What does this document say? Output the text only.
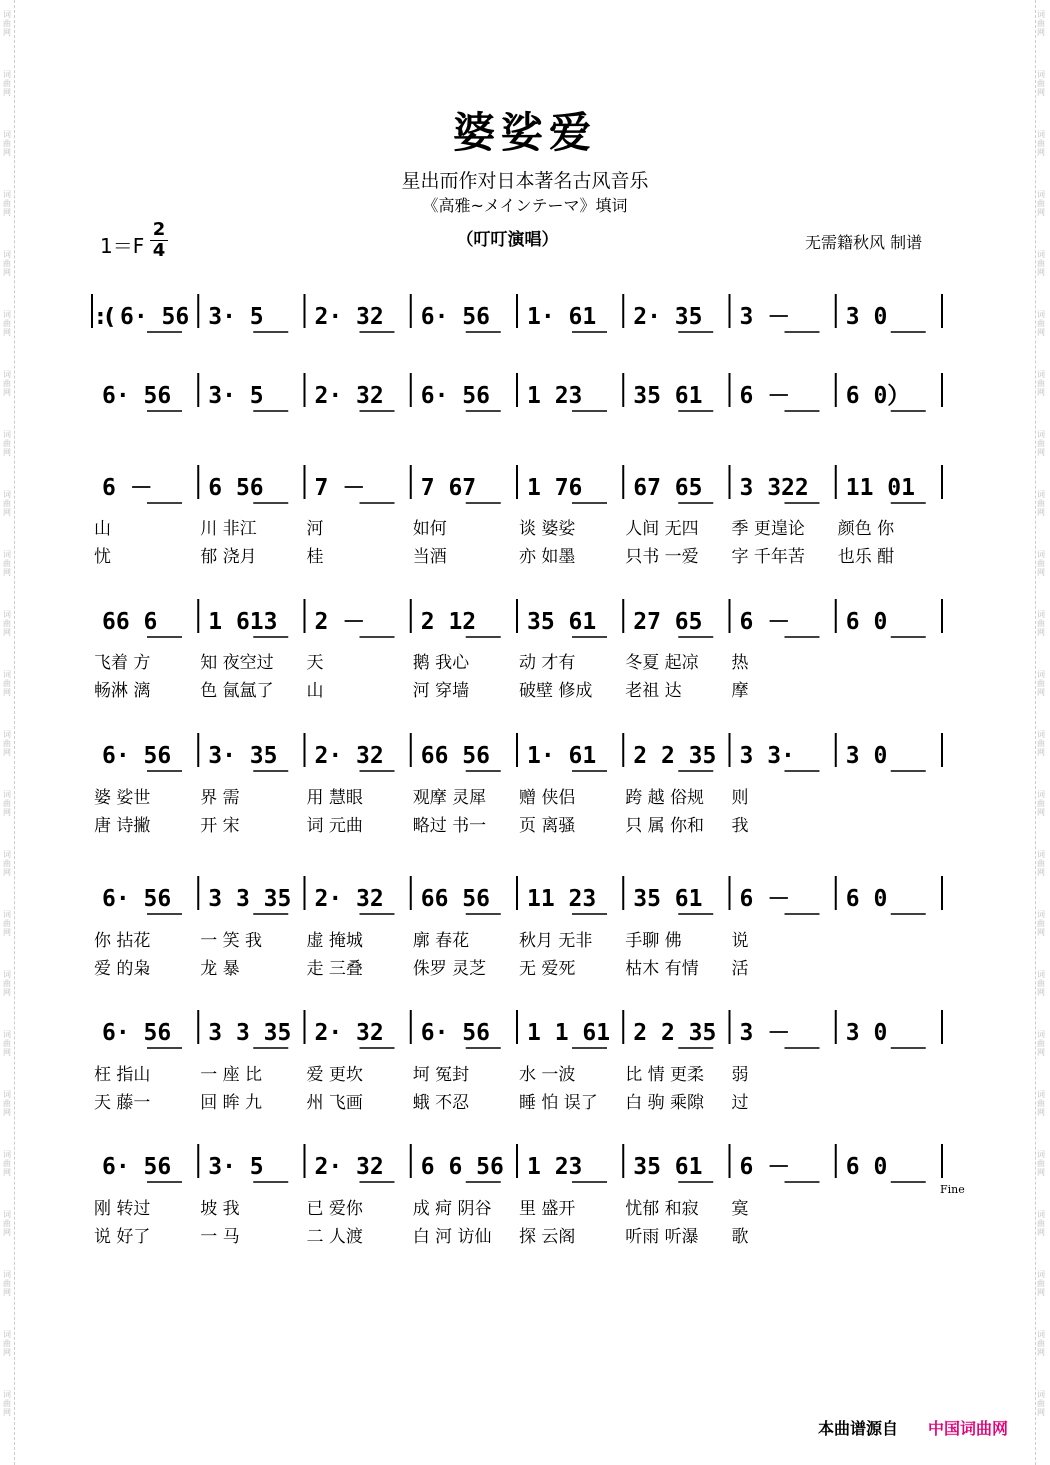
婆娑爱
星出而作对日本著名古风音乐
《高雅~メインテーマ》填词
（叮叮演唱）
1＝F
2
4	无需籍秋风 制谱
:( 6· 56 3· 5 2· 32 6· 56 1· 61 2· 35 3 － 3 0
6· 56 3· 5 2· 32 6· 56 1 23 35 61 6 － 6 0）
6 － 6 56 7 － 7 67 1 76 67 65 3 322 11 01
66 6 1 613 2 － 2 12 35 61 27 65 6 － 6 0
6· 56 3· 35 2· 32 66 56 1· 61 2 2 35 3 3· 3 0
6· 56 3 3 35 2· 32 66 56 11 23 35 61 6 － 6 0
6· 56 3 3 35 2· 32 6· 56 1 1 61 2 2 35 3 － 3 0
6· 56 3· 5 2· 32 6 6 56 1 23 35 61 6 － 6 0
山	川 非江	河	如何	谈 婆娑	人间 无四 季 更遑论 颜色 你
忧	郁 浇月	桂	当酒	亦 如墨	只书 一爱 字 千年苦 也乐 酣
飞着 方	知 夜空过 天	鹅 我心	动 才有	冬夏 起凉 热
畅淋 漓	色 氤氲了 山	河 穿墙	破壁 修成 老祖 达	摩
婆 娑世	界 需	用 慧眼	观摩 灵犀 赠 侠侣	跨 越 俗规 则
唐 诗撇	开 宋	词 元曲	略过 书一 页 离骚	只 属 你和 我
你 拈花	一 笑 我	虚 掩城	廓 春花	秋月 无非 手聊 佛	说
爱 的枭	龙 暴	走 三叠	侏罗 灵芝 无 爱死	枯木 有情 活
枉 指山	一 座 比	爱 更坎	坷 冤封	水 一波	比 情 更柔 弱
天 藤一	回 眸 九	州 飞画	蛾 不忍	睡 怕 误了 白 驹 乘隙 过
刚 转过	坡 我	已 爱你	成 疴 阴谷 里 盛开	忧郁 和寂 寞
说 好了	一 马	二 人渡	白 河 访仙 探 云阁	听雨 听瀑 歌
Fine
本曲谱源自 中国词曲网
词
曲
网
词
曲
网
词
曲
网
词
曲
网
词
曲
网
词
曲
网
词
曲
网
词
曲
网
词
曲
网
词
曲
网
词
曲
网
词
曲
网
词
曲
网
词
曲
网
词
曲
网
词
曲
网
词
曲
网
词
曲
网
词
曲
网
词
曲
网
词
曲
网
词
曲
网
词
曲
网
词
曲
网
词
曲
网
词
曲
网
词
曲
网
词
曲
网
词
曲
网
词
曲
网
词
曲
网
词
曲
网
词
曲
网
词
曲
网
词
曲
网
词
曲
网
词
曲
网
词
曲
网
词
曲
网
词
曲
网
词
曲
网
词
曲
网
词
曲
网
词
曲
网
词
曲
网
词
曲
网
词
曲
网
词
曲
网
